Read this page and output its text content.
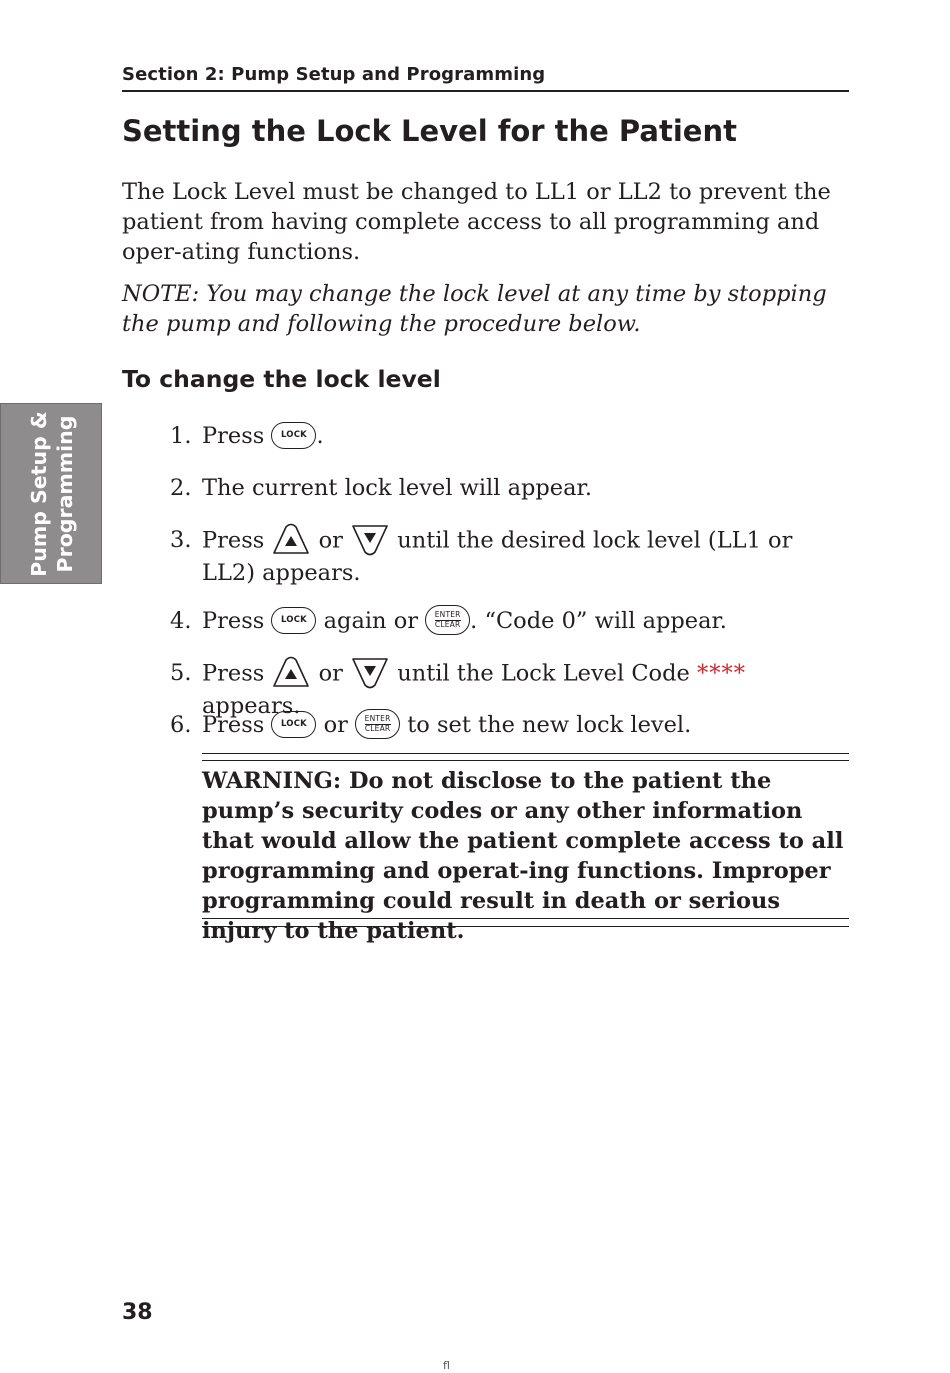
Section 2: Pump Setup and Programming
Setting the Lock Level for the Patient

The Lock Level must be changed to LL1 or LL2 to prevent the patient from having complete access to all programming and oper-ating functions.

NOTE: You may change the lock level at any time by stopping the pump and following the procedure below.

To change the lock level
Pump Setup & Programming	1. Press LOCK .
2. The current lock level will appear.
3. Press or until the desired lock level (LL1 or LL2) appears.
4. Press LOCK again or ENTER
CLEAR . “Code 0” will appear.
5. Press or until the Lock Level Code **** appears.
6. Press LOCK or ENTER
CLEAR to set the new lock level.

WARNING: Do not disclose to the patient the pump’s security codes or any other information that would allow the patient complete access to all programming and operat-ing functions. Improper programming could result in death or serious injury to the patient.

38
fl
